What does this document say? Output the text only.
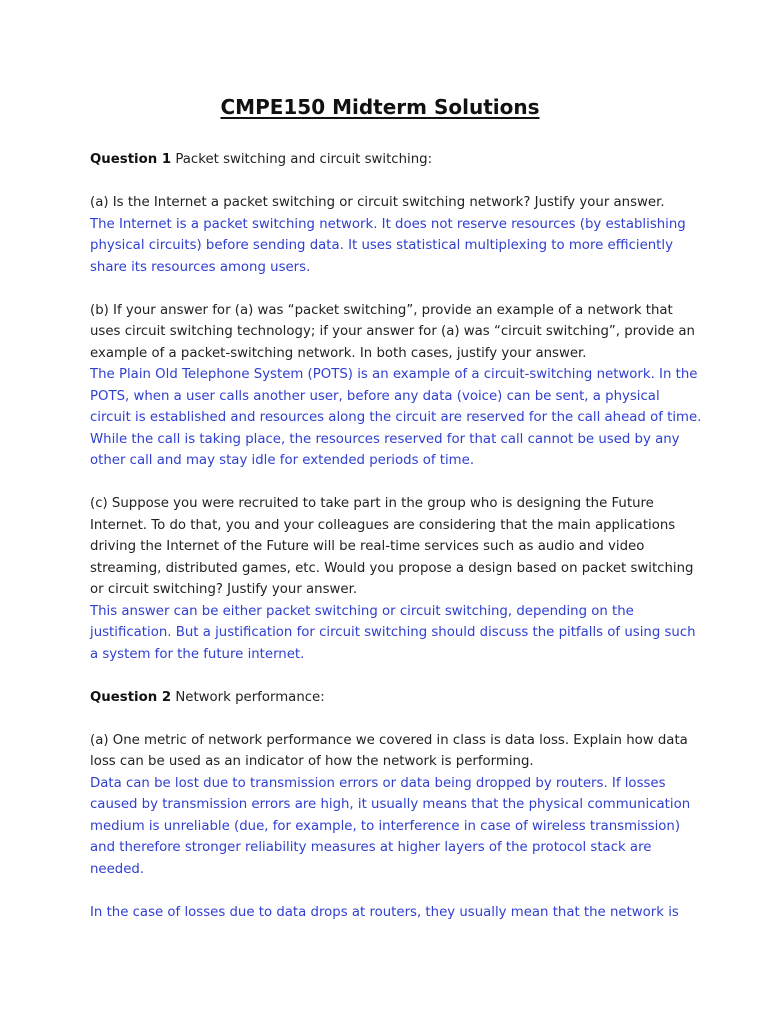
CMPE150 Midterm Solutions

Question 1 Packet switching and circuit switching:

(a) Is the Internet a packet switching or circuit switching network? Justify your answer.
The Internet is a packet switching network. It does not reserve resources (by establishing physical circuits) before sending data. It uses statistical multiplexing to more efficiently share its resources among users.

(b) If your answer for (a) was “packet switching”, provide an example of a network that uses circuit switching technology; if your answer for (a) was “circuit switching”, provide an example of a packet-switching network. In both cases, justify your answer.
The Plain Old Telephone System (POTS) is an example of a circuit-switching network. In the POTS, when a user calls another user, before any data (voice) can be sent, a physical circuit is established and resources along the circuit are reserved for the call ahead of time. While the call is taking place, the resources reserved for that call cannot be used by any other call and may stay idle for extended periods of time.

(c) Suppose you were recruited to take part in the group who is designing the Future Internet. To do that, you and your colleagues are considering that the main applications driving the Internet of the Future will be real-time services such as audio and video streaming, distributed games, etc. Would you propose a design based on packet switching or circuit switching? Justify your answer.
This answer can be either packet switching or circuit switching, depending on the justification. But a justification for circuit switching should discuss the pitfalls of using such a system for the future internet.

Question 2 Network performance:

(a) One metric of network performance we covered in class is data loss. Explain how data loss can be used as an indicator of how the network is performing.
Data can be lost due to transmission errors or data being dropped by routers. If losses caused by transmission errors are high, it usually means that the physical communication medium is unreliable (due, for example, to interference in case of wireless transmission) and therefore stronger reliability measures at higher layers of the protocol stack are needed.

In the case of losses due to data drops at routers, they usually mean that the network is
